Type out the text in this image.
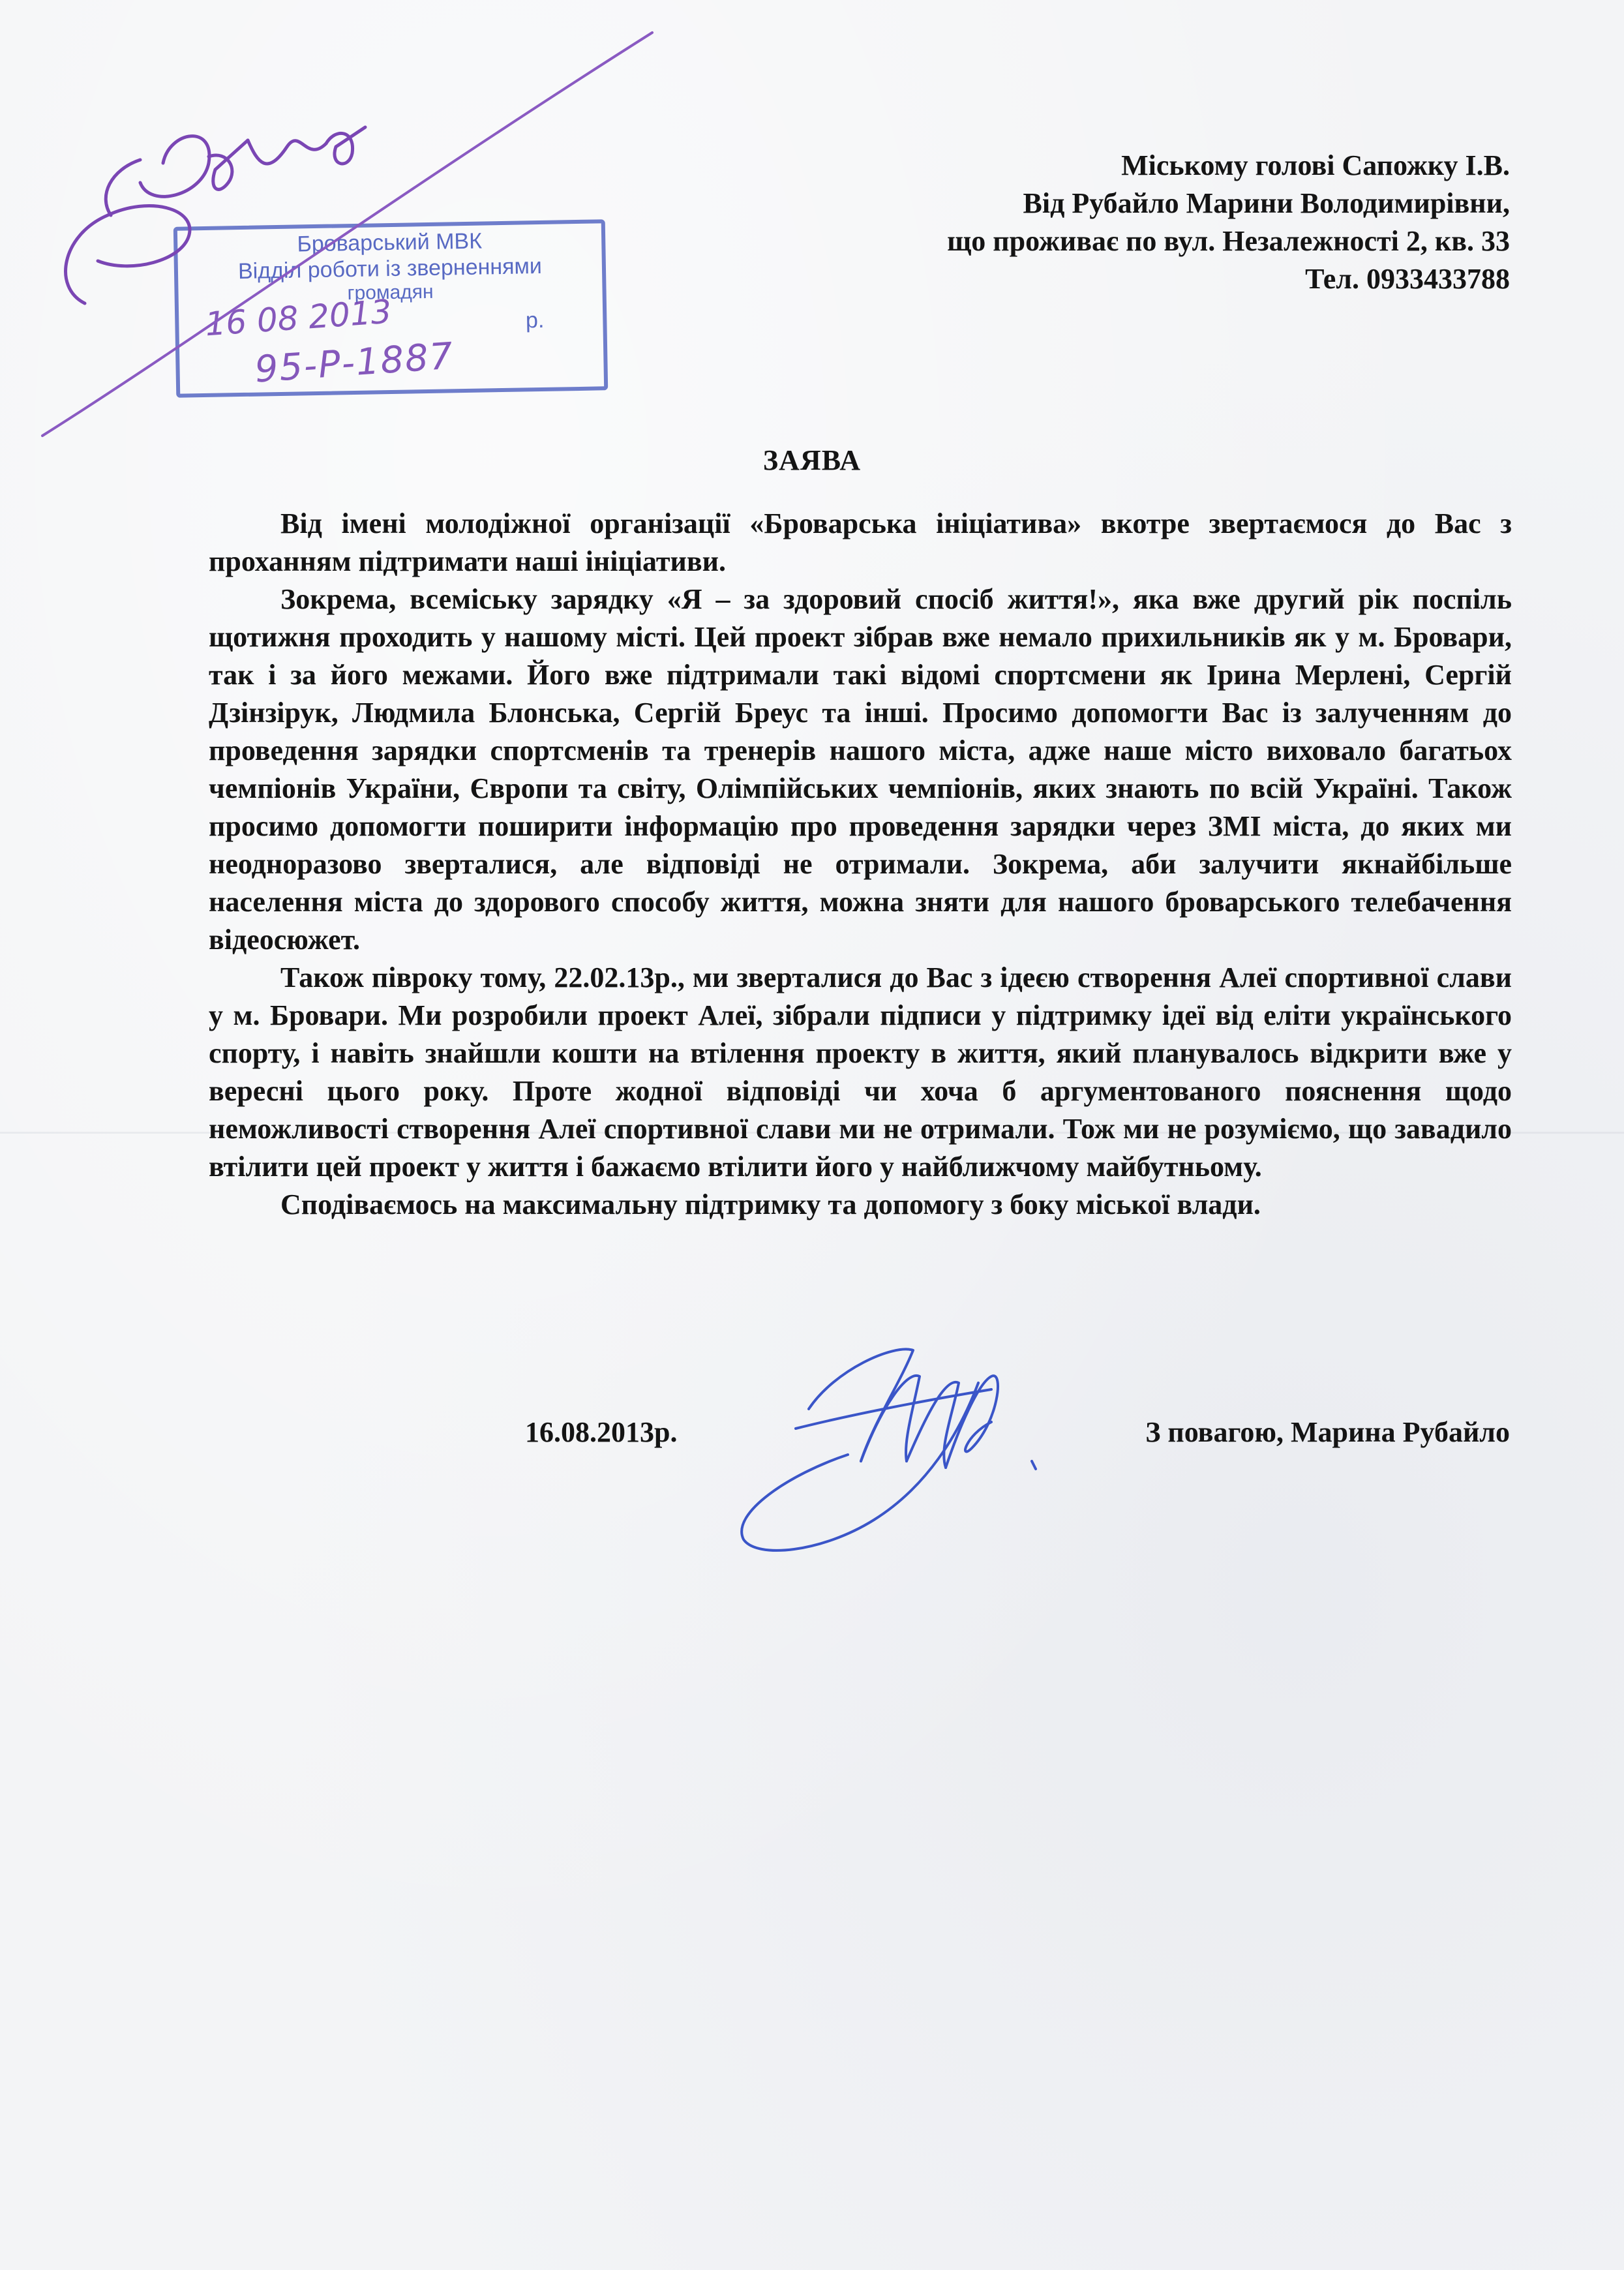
Міському голові Сапожку І.В.
Від Рубайло Марини Володимирівни,
що проживає по вул. Незалежності 2, кв. 33
Тел. 0933433788
Броварський МВК
Відділ роботи із зверненнями
громадян
р.
16 08 2013
95-Р-1887
ЗАЯВА

Від імені молодіжної організації «Броварська ініціатива» вкотре звертаємося до Вас з проханням підтримати наші ініціативи.

Зокрема, всеміську зарядку «Я – за здоровий спосіб життя!», яка вже другий рік поспіль щотижня проходить у нашому місті. Цей проект зібрав вже немало прихильників як у м. Бровари, так і за його межами. Його вже підтримали такі відомі спортсмени як Ірина Мерлені, Сергій Дзінзірук, Людмила Блонська, Сергій Бреус та інші. Просимо допомогти Вас із залученням до проведення зарядки спортсменів та тренерів нашого міста, адже наше місто виховало багатьох чемпіонів України, Європи та світу, Олімпійських чемпіонів, яких знають по всій Україні. Також просимо допомогти поширити інформацію про проведення зарядки через ЗМІ міста, до яких ми неодноразово зверталися, але відповіді не отримали. Зокрема, аби залучити якнайбільше населення міста до здорового способу життя, можна зняти для нашого броварського телебачення відеосюжет.

Також півроку тому, 22.02.13р., ми зверталися до Вас з ідеєю створення Алеї спортивної слави у м. Бровари. Ми розробили проект Алеї, зібрали підписи у підтримку ідеї від еліти українського спорту, і навіть знайшли кошти на втілення проекту в життя, який планувалось відкрити вже у вересні цього року. Проте жодної відповіді чи хоча б аргументованого пояснення щодо неможливості створення Алеї спортивної слави ми не отримали. Тож ми не розуміємо, що завадило втілити цей проект у життя і бажаємо втілити його у найближчому майбутньому.

Сподіваємось на максимальну підтримку та допомогу з боку міської влади.

16.08.2013р.	З повагою, Марина Рубайло
